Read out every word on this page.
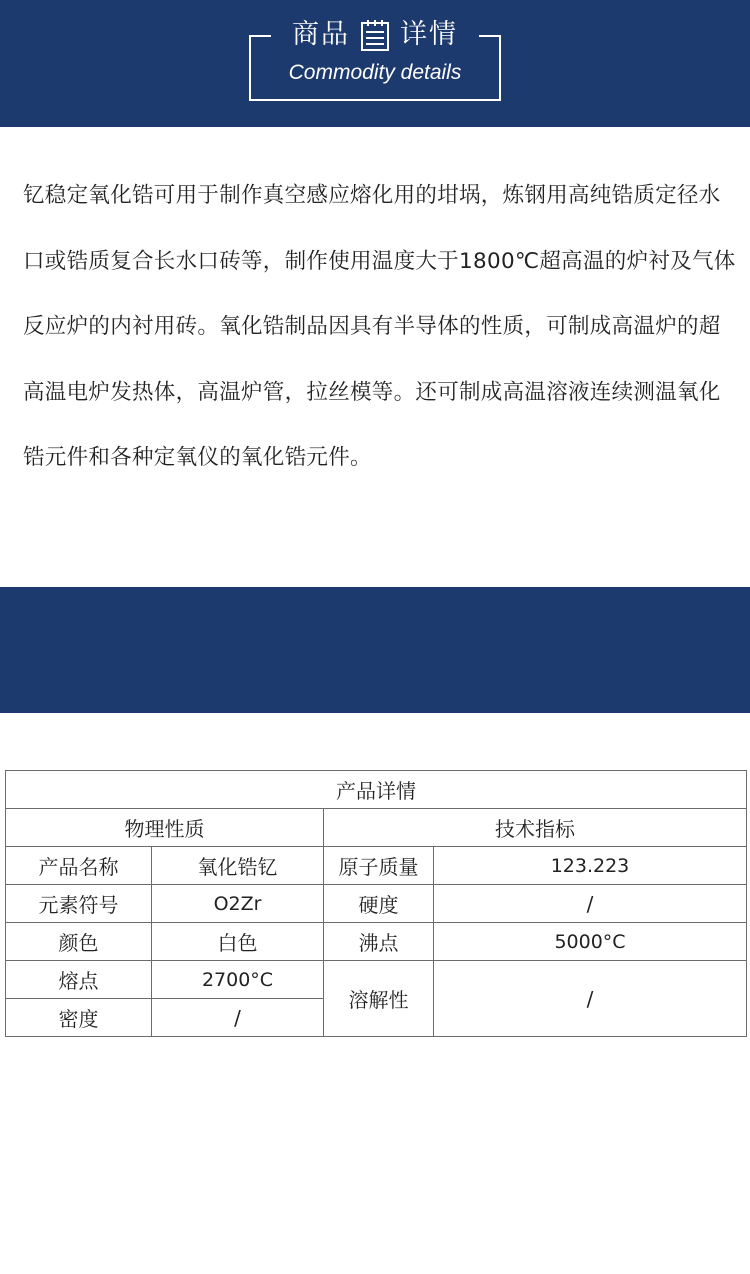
商品 详情
Commodity details
钇稳定氧化锆可用于制作真空感应熔化用的坩埚，炼钢用高纯锆质定径水口或锆质复合长水口砖等，制作使用温度大于1800℃超高温的炉衬及气体反应炉的内衬用砖。氧化锆制品因具有半导体的性质，可制成高温炉的超高温电炉发热体，高温炉管，拉丝模等。还可制成高温溶液连续测温氧化锆元件和各种定氧仪的氧化锆元件。
化学 成分
Chemical composition
产品详情			
物理性质		技术指标	
产品名称	氧化锆钇	原子质量	123.223
元素符号	O2Zr	硬度	/
颜色	白色	沸点	5000°C
熔点	2700°C	溶解性	/
密度	/		
